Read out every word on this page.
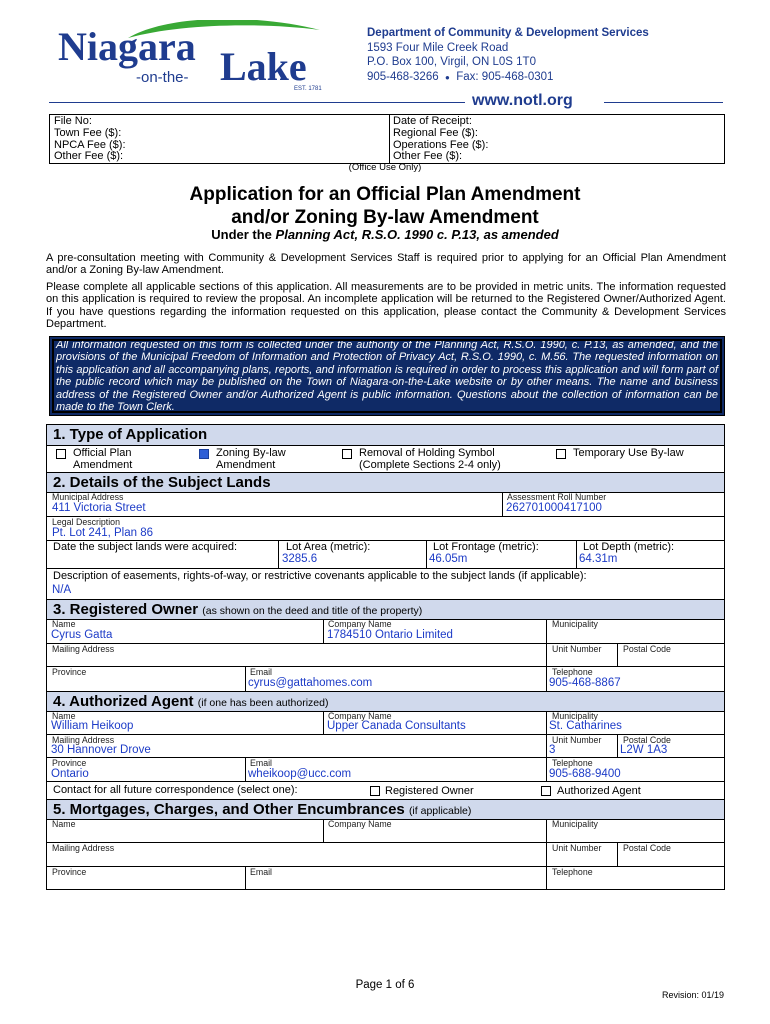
Niagara
-on-the- Lake
EST. 1781
Department of Community & Development Services
1593 Four Mile Creek Road
P.O. Box 100, Virgil, ON L0S 1T0
905-468-3266 ● Fax: 905-468-0301
www.notl.org
File No:
Town Fee ($):
NPCA Fee ($):
Other Fee ($):
Date of Receipt:
Regional Fee ($):
Operations Fee ($):
Other Fee ($):
(Office Use Only)
Application for an Official Plan Amendment
and/or Zoning By-law Amendment
Under the Planning Act, R.S.O. 1990 c. P.13, as amended
A pre-consultation meeting with Community & Development Services Staff is required prior to applying for an Official Plan Amendment and/or a Zoning By-law Amendment.
Please complete all applicable sections of this application. All measurements are to be provided in metric units. The information requested on this application is required to review the proposal. An incomplete application will be returned to the Registered Owner/Authorized Agent. If you have questions regarding the information requested on this application, please contact the Community & Development Services Department.
All information requested on this form is collected under the authority of the Planning Act, R.S.O. 1990, c. P.13, as amended, and the provisions of the Municipal Freedom of Information and Protection of Privacy Act, R.S.O. 1990, c. M.56. The requested information on this application and all accompanying plans, reports, and information is required in order to process this application and will form part of the public record which may be published on the Town of Niagara-on-the-Lake website or by other means. The name and business address of the Registered Owner and/or Authorized Agent is public information. Questions about the collection of information can be made to the Town Clerk.
1. Type of Application
Official Plan
Amendment
Zoning By-law
Amendment
Removal of Holding Symbol
(Complete Sections 2-4 only)
Temporary Use By-law
2. Details of the Subject Lands
Municipal Address
411 Victoria Street
Assessment Roll Number
262701000417100
Legal Description
Pt. Lot 241, Plan 86
Date the subject lands were acquired:	Lot Area (metric):
3285.6
Lot Frontage (metric):
46.05m
Lot Depth (metric):
64.31m
Description of easements, rights-of-way, or restrictive covenants applicable to the subject lands (if applicable):
N/A
3. Registered Owner (as shown on the deed and title of the property)
Name
Cyrus Gatta
Company Name
1784510 Ontario Limited
Municipality
Mailing Address	Unit Number Postal Code
Province	Email
cyrus@gattahomes.com
Telephone
905-468-8867
4. Authorized Agent (if one has been authorized)
Name
William Heikoop
Company Name
Upper Canada Consultants
Municipality
St. Catharines
Mailing Address
30 Hannover Drove
Unit Number
3
Postal Code
L2W 1A3
Province
Ontario
Email
wheikoop@ucc.com
Telephone
905-688-9400
Contact for all future correspondence (select one):	Registered Owner	Authorized Agent
5. Mortgages, Charges, and Other Encumbrances (if applicable)
Name	Company Name	Municipality
Mailing Address	Unit Number Postal Code
Province	Email	Telephone
Page 1 of 6
Revision: 01/19
